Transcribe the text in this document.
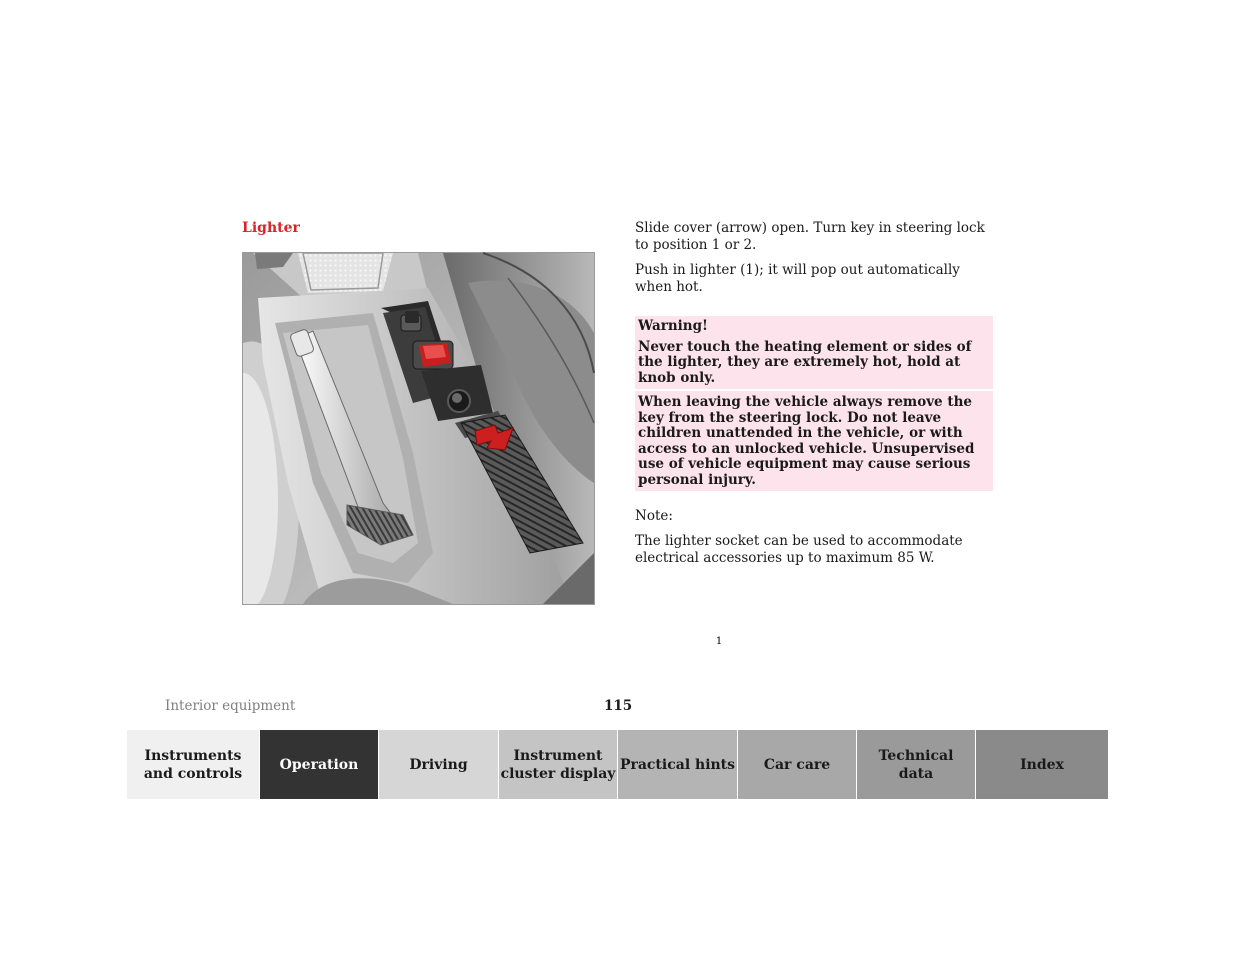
Lighter
1

Slide cover (arrow) open. Turn key in steering lock to position 1 or 2.

Push in lighter (1); it will pop out automatically when hot.

Warning!
Never touch the heating element or sides of the lighter, they are extremely hot, hold at knob only.
When leaving the vehicle always remove the key from the steering lock. Do not leave children unattended in the vehicle, or with access to an unlocked vehicle. Unsupervised use of vehicle equipment may cause serious personal injury.

Note:

The lighter socket can be used to accommodate electrical accessories up to maximum 85 W.

Interior equipment	115
Instruments
and controls
Operation	Driving
Instrument
cluster display
Practical hints Car care
Technical
data
Index
